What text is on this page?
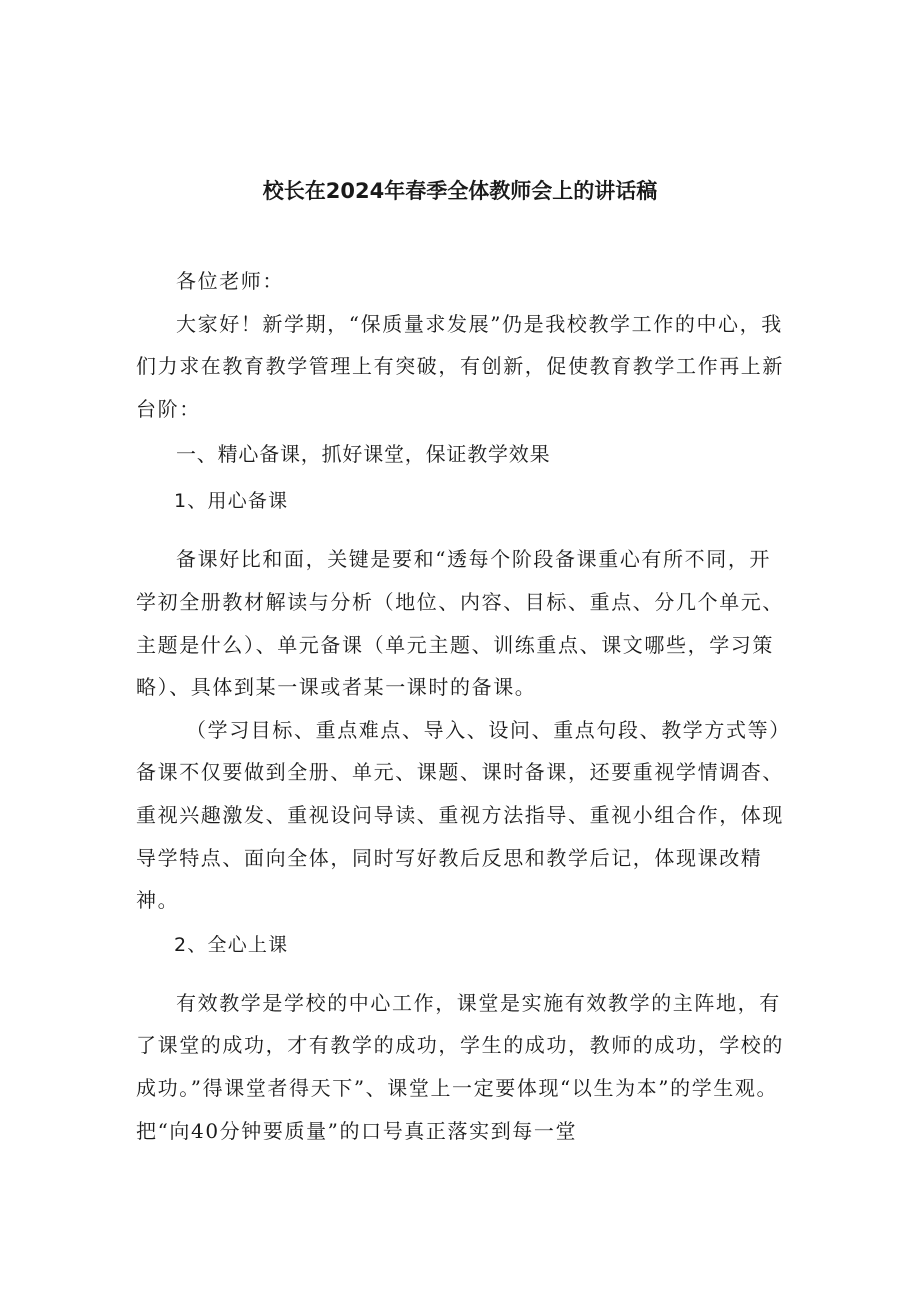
校长在2024年春季全体教师会上的讲话稿

各位老师：

大家好！新学期，“保质量求发展”仍是我校教学工作的中心，我们力求在教育教学管理上有突破，有创新，促使教育教学工作再上新台阶：

一、精心备课，抓好课堂，保证教学效果

1、用心备课

备课好比和面，关键是要和“透每个阶段备课重心有所不同，开学初全册教材解读与分析（地位、内容、目标、重点、分几个单元、主题是什么）、单元备课（单元主题、训练重点、课文哪些，学习策略）、具体到某一课或者某一课时的备课。

（学习目标、重点难点、导入、设问、重点句段、教学方式等）备课不仅要做到全册、单元、课题、课时备课，还要重视学情调杳、重视兴趣激发、重视设问导读、重视方法指导、重视小组合作，体现导学特点、面向全体，同时写好教后反思和教学后记，体现课改精神。

2、全心上课

有效教学是学校的中心工作，课堂是实施有效教学的主阵地，有了课堂的成功，才有教学的成功，学生的成功，教师的成功，学校的成功。”得课堂者得天下”、课堂上一定要体现“以生为本”的学生观。把“向40分钟要质量”的口号真正落实到每一堂
